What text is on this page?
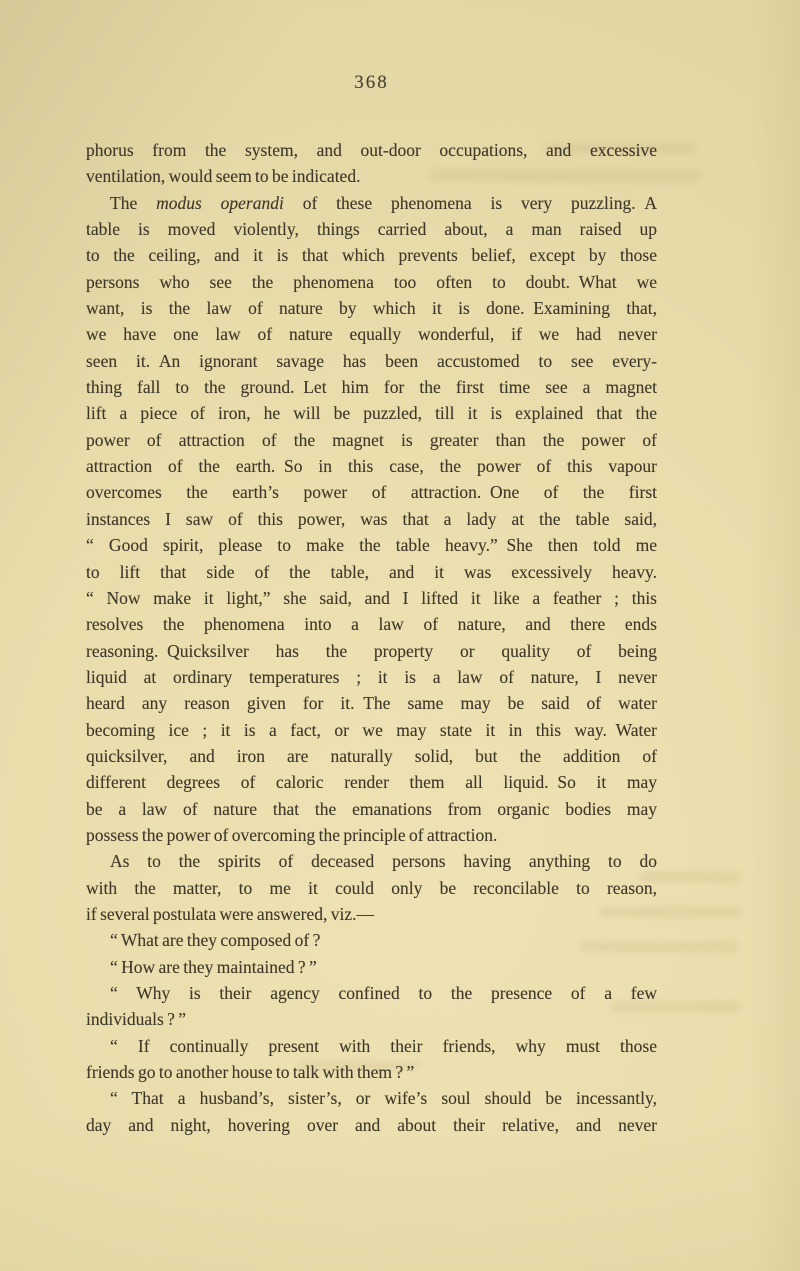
368
phorus from the system, and out-door occupations, and excessive
ventilation, would seem to be indicated.
The modus operandi of these phenomena is very puzzling. A
table is moved violently, things carried about, a man raised up
to the ceiling, and it is that which prevents belief, except by those
persons who see the phenomena too often to doubt. What we
want, is the law of nature by which it is done. Examining that,
we have one law of nature equally wonderful, if we had never
seen it. An ignorant savage has been accustomed to see every-
thing fall to the ground. Let him for the first time see a magnet
lift a piece of iron, he will be puzzled, till it is explained that the
power of attraction of the magnet is greater than the power of
attraction of the earth. So in this case, the power of this vapour
overcomes the earth’s power of attraction. One of the first
instances I saw of this power, was that a lady at the table said,
“ Good spirit, please to make the table heavy.” She then told me
to lift that side of the table, and it was excessively heavy.
“ Now make it light,” she said, and I lifted it like a feather ; this
resolves the phenomena into a law of nature, and there ends
reasoning. Quicksilver has the property or quality of being
liquid at ordinary temperatures ; it is a law of nature, I never
heard any reason given for it. The same may be said of water
becoming ice ; it is a fact, or we may state it in this way. Water
quicksilver, and iron are naturally solid, but the addition of
different degrees of caloric render them all liquid. So it may
be a law of nature that the emanations from organic bodies may
possess the power of overcoming the principle of attraction.
As to the spirits of deceased persons having anything to do
with the matter, to me it could only be reconcilable to reason,
if several postulata were answered, viz.—
“ What are they composed of ?
“ How are they maintained ? ”
“ Why is their agency confined to the presence of a few
individuals ? ”
“ If continually present with their friends, why must those
friends go to another house to talk with them ? ”
“ That a husband’s, sister’s, or wife’s soul should be incessantly,
day and night, hovering over and about their relative, and never
